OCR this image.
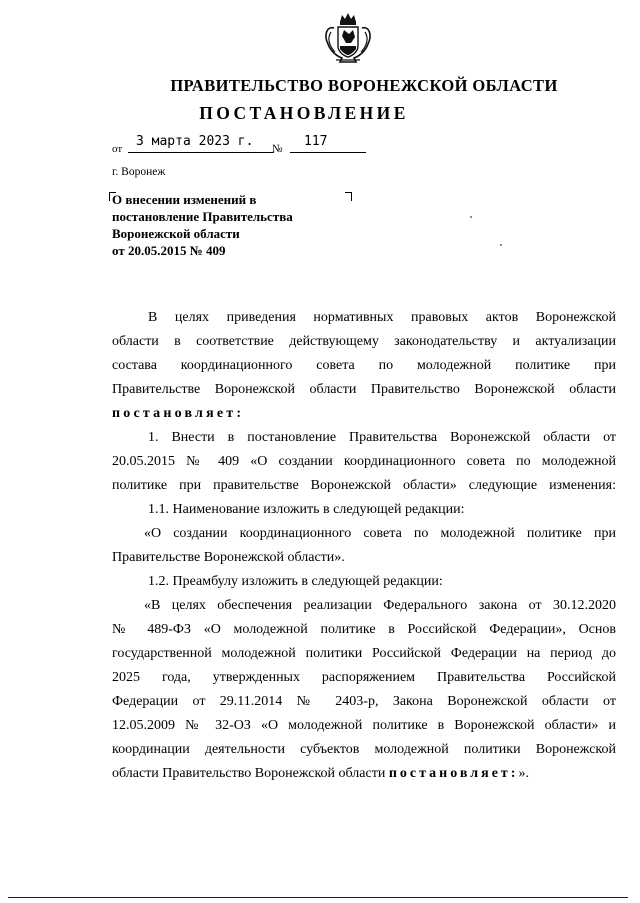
ПРАВИТЕЛЬСТВО ВОРОНЕЖСКОЙ ОБЛАСТИ
ПОСТАНОВЛЕНИЕ
от	3 марта 2023 г.	№	117
г. Воронеж
О внесении изменений в
постановление Правительства
Воронежской области
от 20.05.2015 № 409
В целях приведения нормативных правовых актов Воронежской
области в соответствие действующему законодательству и актуализации
состава координационного совета по молодежной политике при
Правительстве Воронежской области Правительство Воронежской области
постановляет:
1. Внести в постановление Правительства Воронежской области от
20.05.2015 № 409 «О создании координационного совета по молодежной
политике при правительстве Воронежской области» следующие изменения:
1.1. Наименование изложить в следующей редакции:
«О создании координационного совета по молодежной политике при
Правительстве Воронежской области».
1.2. Преамбулу изложить в следующей редакции:
«В целях обеспечения реализации Федерального закона от 30.12.2020
№ 489-ФЗ «О молодежной политике в Российской Федерации», Основ
государственной молодежной политики Российской Федерации на период до
2025 года, утвержденных распоряжением Правительства Российской
Федерации от 29.11.2014 № 2403-р, Закона Воронежской области от
12.05.2009 № 32-ОЗ «О молодежной политике в Воронежской области» и
координации деятельности субъектов молодежной политики Воронежской
области Правительство Воронежской области постановляет:».
